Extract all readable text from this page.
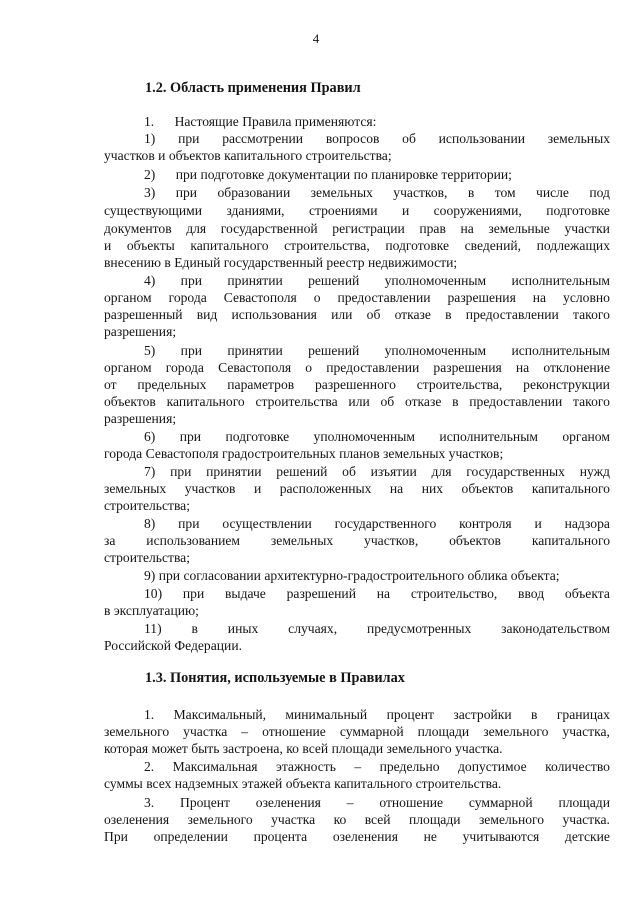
4
1.2. Область применения Правил
1.      Настоящие Правила применяются:
1) при рассмотрении вопросов об использовании земельных
участков и объектов капитального строительства;
2)      при подготовке документации по планировке территории;
3) при образовании земельных участков, в том числе под
существующими зданиями, строениями и сооружениями, подготовке
документов для государственной регистрации прав на земельные участки
и объекты капитального строительства, подготовке сведений, подлежащих
внесению в Единый государственный реестр недвижимости;
4) при принятии решений уполномоченным исполнительным
органом города Севастополя о предоставлении разрешения на условно
разрешенный вид использования или об отказе в предоставлении такого
разрешения;
5) при принятии решений уполномоченным исполнительным
органом города Севастополя о предоставлении разрешения на отклонение
от предельных параметров разрешенного строительства, реконструкции
объектов капитального строительства или об отказе в предоставлении такого
разрешения;
6) при подготовке уполномоченным исполнительным органом
города Севастополя градостроительных планов земельных участков;
7) при принятии решений об изъятии для государственных нужд
земельных участков и расположенных на них объектов капитального
строительства;
8) при осуществлении государственного контроля и надзора
за использованием земельных участков, объектов капитального
строительства;
9) при согласовании архитектурно-градостроительного облика объекта;
10) при выдаче разрешений на строительство, ввод объекта
в эксплуатацию;
11) в иных случаях, предусмотренных законодательством
Российской Федерации.
1.3. Понятия, используемые в Правилах
1. Максимальный, минимальный процент застройки в границах
земельного участка – отношение суммарной площади земельного участка,
которая может быть застроена, ко всей площади земельного участка.
2. Максимальная этажность – предельно допустимое количество
суммы всех надземных этажей объекта капитального строительства.
3. Процент озеленения – отношение суммарной площади
озеленения земельного участка ко всей площади земельного участка.
При определении процента озеленения не учитываются детские
